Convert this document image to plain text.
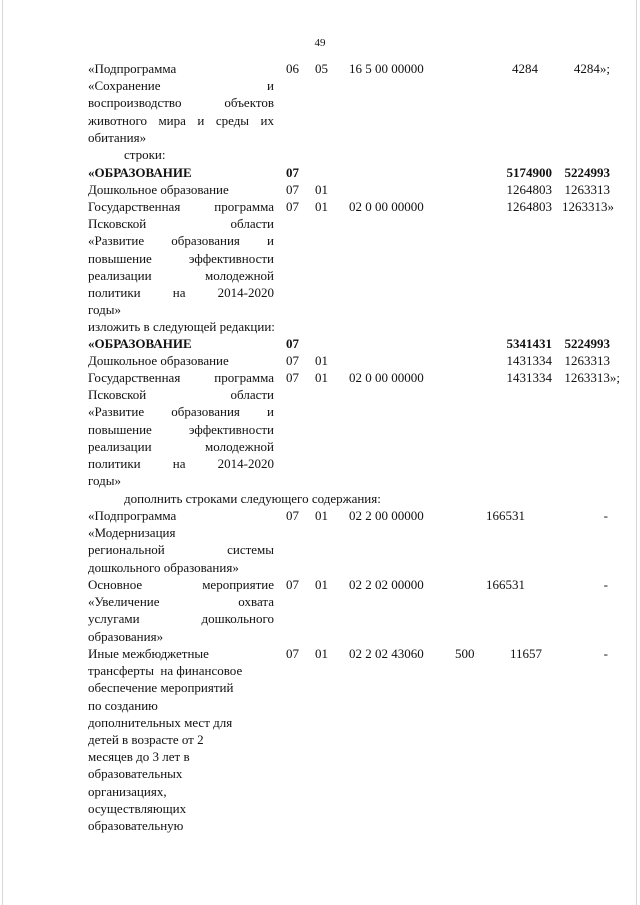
49
«Подпрограмма
«Сохранение и
воспроизводство объектов
животного мира и среды их
обитания»
06 05 16 5 00 00000	4284	4284»;
строки:
«ОБРАЗОВАНИЕ	07	5174900 5224993
Дошкольное образование	07 01	1264803 1263313
Государственная программа
Псковской области
«Развитие образования и
повышение эффективности
реализации молодежной
политики на 2014-2020
годы»
07 01 02 0 00 00000	1264803 1263313»
изложить в следующей редакции:
«ОБРАЗОВАНИЕ	07	5341431 5224993
Дошкольное образование	07 01	1431334 1263313
Государственная программа
Псковской области
«Развитие образования и
повышение эффективности
реализации молодежной
политики на 2014-2020
годы»
07 01 02 0 00 00000	1431334 1263313»;
дополнить строками следующего содержания:
«Подпрограмма
«Модернизация
региональной системы
дошкольного образования»
07 01 02 2 00 00000	166531	-
Основное мероприятие
«Увеличение охвата
услугами дошкольного
образования»
07 01 02 2 02 00000	166531	-
Иные межбюджетные
трансферты  на финансовое
обеспечение мероприятий
по созданию
дополнительных мест для
детей в возрасте от 2
месяцев до 3 лет в
образовательных
организациях,
осуществляющих
образовательную
07 01 02 2 02 43060 500	11657	-
